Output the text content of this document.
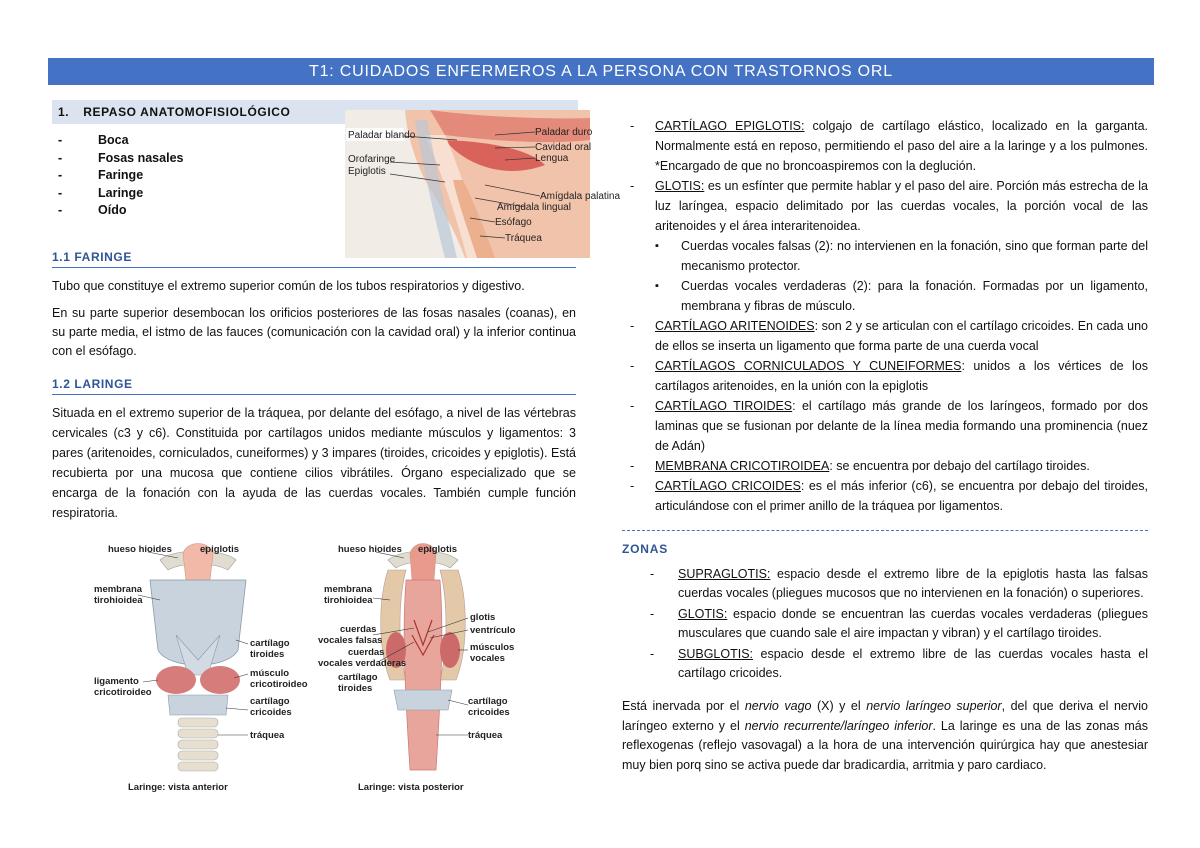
T1: CUIDADOS ENFERMEROS A LA PERSONA CON TRASTORNOS ORL
1. REPASO ANATOMOFISIOLÓGICO
- Boca
- Fosas nasales
- Faringe
- Laringe
- Oído
1.1 FARINGE

Tubo que constituye el extremo superior común de los tubos respiratorios y digestivo.

En su parte superior desembocan los orificios posteriores de las fosas nasales (coanas), en su parte media, el istmo de las fauces (comunicación con la cavidad oral) y la inferior continua con el esófago.

1.2 LARINGE

Situada en el extremo superior de la tráquea, por delante del esófago, a nivel de las vértebras cervicales (c3 y c6). Constituida por cartílagos unidos mediante músculos y ligamentos: 3 pares (aritenoides, corniculados, cuneiformes) y 3 impares (tiroides, cricoides y epiglotis). Está recubierta por una mucosa que contiene cilios vibrátiles. Órgano especializado que se encarga de la fonación con la ayuda de las cuerdas vocales. También cumple función respiratoria.

Paladar blando
Orofaringe
Epiglotis
Paladar duro
Cavidad oral
Lengua
Amígdala palatina
Amígdala lingual
Esófago
Tráquea
hueso hioides	epiglotis
membrana
tirohioidea
cartílago
tiroides
ligamento
cricotiroideo
músculo
cricotiroideo
cartílago
cricoides
tráquea
Laringe: vista anterior
hueso hioides epiglotis
membrana
tirohioidea
cuerdas
vocales falsas
cuerdas
vocales verdaderas
cartílago
tiroides
glotis
ventrículo
músculos
vocales
cartílago
cricoides
tráquea
Laringe: vista posterior
- CARTÍLAGO EPIGLOTIS: colgajo de cartílago elástico, localizado en la garganta. Normalmente está en reposo, permitiendo el paso del aire a la laringe y a los pulmones. *Encargado de que no broncoaspiremos con la deglución.
- GLOTIS: es un esfínter que permite hablar y el paso del aire. Porción más estrecha de la luz laríngea, espacio delimitado por las cuerdas vocales, la porción vocal de las aritenoides y el área interaritenoidea.
▪ Cuerdas vocales falsas (2): no intervienen en la fonación, sino que forman parte del mecanismo protector.
▪ Cuerdas vocales verdaderas (2): para la fonación. Formadas por un ligamento, membrana y fibras de músculo.
- CARTÍLAGO ARITENOIDES: son 2 y se articulan con el cartílago cricoides. En cada uno de ellos se inserta un ligamento que forma parte de una cuerda vocal
- CARTÍLAGOS CORNICULADOS Y CUNEIFORMES: unidos a los vértices de los cartílagos aritenoides, en la unión con la epiglotis
- CARTÍLAGO TIROIDES: el cartílago más grande de los laríngeos, formado por dos laminas que se fusionan por delante de la línea media formando una prominencia (nuez de Adán)
- MEMBRANA CRICOTIROIDEA: se encuentra por debajo del cartílago tiroides.
- CARTÍLAGO CRICOIDES: es el más inferior (c6), se encuentra por debajo del tiroides, articulándose con el primer anillo de la tráquea por ligamentos.
ZONAS
- SUPRAGLOTIS: espacio desde el extremo libre de la epiglotis hasta las falsas cuerdas vocales (pliegues mucosos que no intervienen en la fonación) o superiores.
- GLOTIS: espacio donde se encuentran las cuerdas vocales verdaderas (pliegues musculares que cuando sale el aire impactan y vibran) y el cartílago tiroides.
- SUBGLOTIS: espacio desde el extremo libre de las cuerdas vocales hasta el cartílago cricoides.

Está inervada por el nervio vago (X) y el nervio laríngeo superior, del que deriva el nervio laríngeo externo y el nervio recurrente/laríngeo inferior. La laringe es una de las zonas más reflexogenas (reflejo vasovagal) a la hora de una intervención quirúrgica hay que anestesiar muy bien porq sino se activa puede dar bradicardia, arritmia y paro cardiaco.
